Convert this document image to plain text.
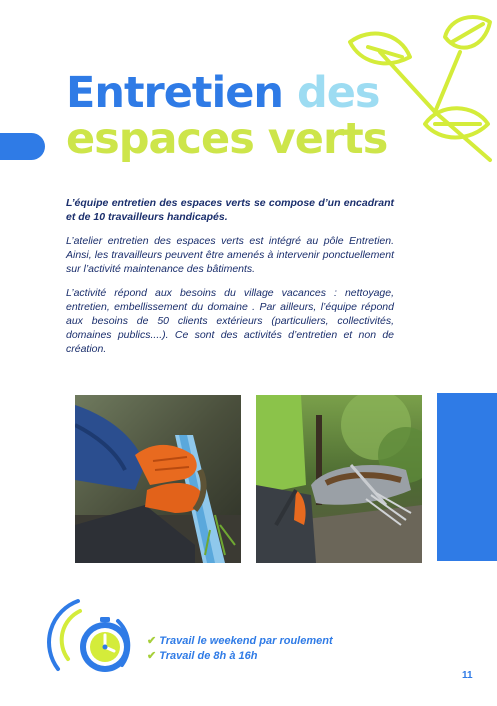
Entretien des
espaces verts

L’équipe entretien des espaces verts se compose d’un encadrant et de 10 travailleurs handicapés.

L’atelier entretien des espaces verts est intégré au pôle Entretien. Ainsi, les travailleurs peuvent être amenés à intervenir ponctuellement sur l’activité maintenance des bâtiments.

L’activité répond aux besoins du village vacances : nettoyage, entretien, embellissement du domaine . Par ailleurs, l’équipe répond aux besoins de 50 clients extérieurs (particuliers, collectivités, domaines publics....). Ce sont des activités d’entretien et non de création.

✔ Travail le weekend par roulement
✔ Travail de 8h à 16h
11
